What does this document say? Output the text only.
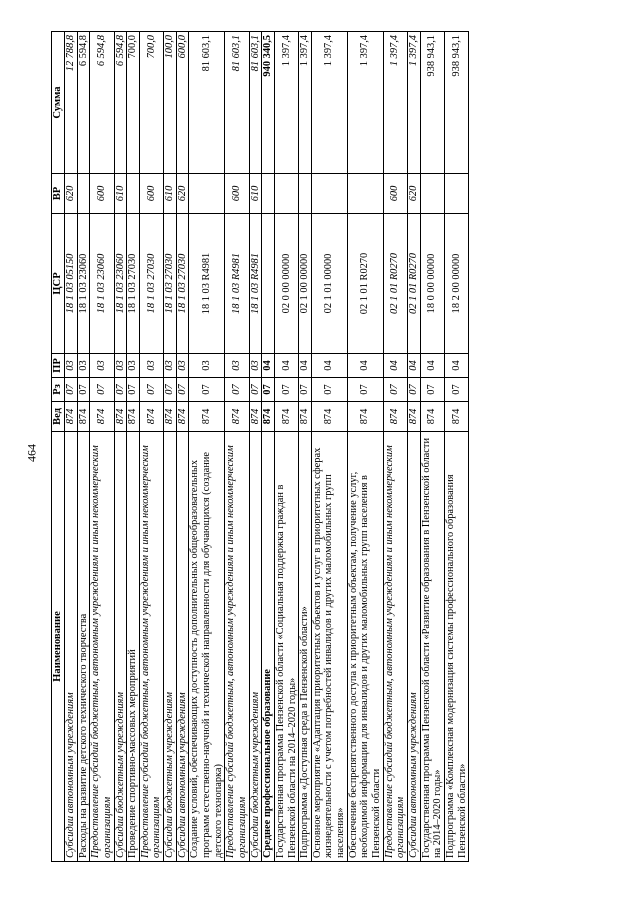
464
Наименование	Вед	Рз	ПР	ЦСР	ВР	Сумма
Субсидии автономным учреждениям	874	07	03	18 1 03 05150	620	12 788,8
Расходы на развитие детского технического творчества	874	07	03	18 1 03 23060		6 594,8
Предоставление субсидий бюджетным, автономным учреждениям и иным некоммерческим организациям	874	07	03	18 1 03 23060	600	6 594,8
Субсидии бюджетным учреждениям	874	07	03	18 1 03 23060	610	6 594,8
Проведение спортивно-массовых мероприятий	874	07	03	18 1 03 27030		700,0
Предоставление субсидий бюджетным, автономным учреждениям и иным некоммерческим организациям	874	07	03	18 1 03 27030	600	700,0
Субсидии бюджетным учреждениям	874	07	03	18 1 03 27030	610	100,0
Субсидии автономным учреждениям	874	07	03	18 1 03 27030	620	600,0
Создание условий, обеспечивающих доступность дополнительных общеобразовательных программ естественно-научной и технической направленности для обучающихся (создание детского технопарка)	874	07	03	18 1 03 R4981		81 603,1
Предоставление субсидий бюджетным, автономным учреждениям и иным некоммерческим организациям	874	07	03	18 1 03 R4981	600	81 603,1
Субсидии бюджетным учреждениям	874	07	03	18 1 03 R4981	610	81 603,1
Среднее профессиональное образование	874	07	04			940 340,5
Государственная программа Пензенской области «Социальная поддержка граждан в Пензенской области на 2014–2020 годы»	874	07	04	02 0 00 00000		1 397,4
Подпрограмма «Доступная среда в Пензенской области»	874	07	04	02 1 00 00000		1 397,4
Основное мероприятие «Адаптация приоритетных объектов и услуг в приоритетных сферах жизнедеятельности с учетом потребностей инвалидов и других маломобильных групп населения»	874	07	04	02 1 01 00000		1 397,4
Обеспечение беспрепятственного доступа к приоритетным объектам, получение услуг, необходимой информации для инвалидов и других маломобильных групп населения в Пензенской области	874	07	04	02 1 01 R0270		1 397,4
Предоставление субсидий бюджетным, автономным учреждениям и иным некоммерческим организациям	874	07	04	02 1 01 R0270	600	1 397,4
Субсидии автономным учреждениям	874	07	04	02 1 01 R0270	620	1 397,4
Государственная программа Пензенской области «Развитие образования в Пензенской области на 2014–2020 годы»	874	07	04	18 0 00 00000		938 943,1
Подпрограмма «Комплексная модернизация системы профессионального образования Пензенской области»	874	07	04	18 2 00 00000		938 943,1
